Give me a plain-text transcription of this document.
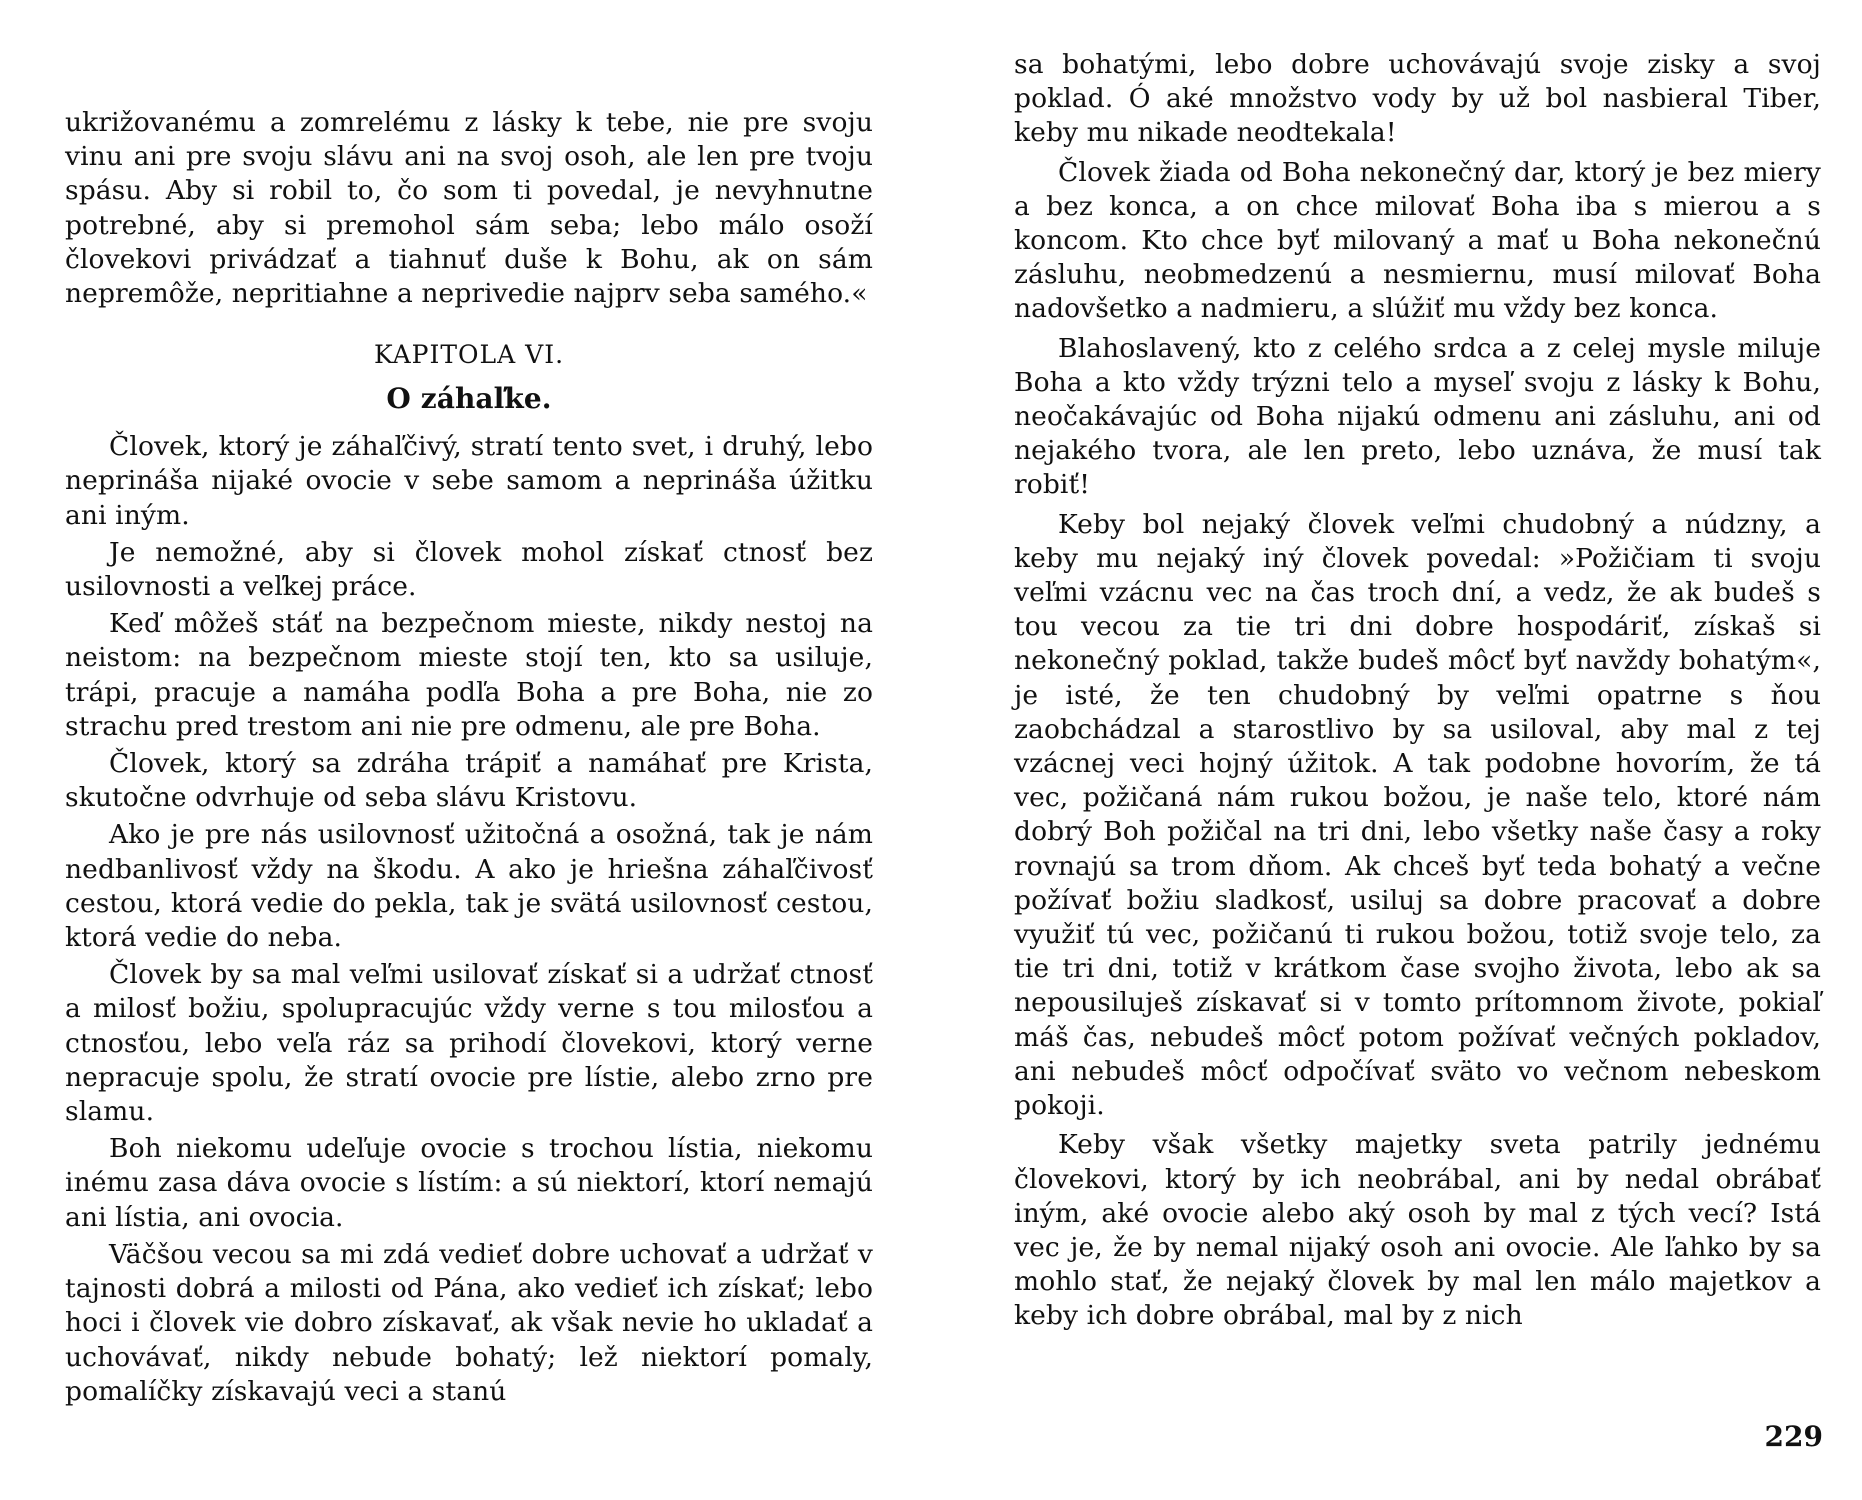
ukrižovanému a zomrelému z lásky k tebe, nie pre svoju vinu ani pre svoju slávu ani na svoj osoh, ale len pre tvoju spásu. Aby si robil to, čo som ti povedal, je nevyhnutne potrebné, aby si premohol sám seba; lebo málo osoží človekovi privádzať a tiahnuť duše k Bohu, ak on sám nepremôže, nepritiahne a neprivedie najprv seba samého.«

KAPITOLA VI.
O záhaľke.

Človek, ktorý je záhaľčivý, stratí tento svet, i druhý, lebo neprináša nijaké ovocie v sebe samom a neprináša úžitku ani iným.

Je nemožné, aby si človek mohol získať ctnosť bez usilovnosti a veľkej práce.

Keď môžeš stáť na bezpečnom mieste, nikdy nestoj na neistom: na bezpečnom mieste stojí ten, kto sa usiluje, trápi, pracuje a namáha podľa Boha a pre Boha, nie zo strachu pred trestom ani nie pre odmenu, ale pre Boha.

Človek, ktorý sa zdráha trápiť a namáhať pre Krista, skutočne odvrhuje od seba slávu Kristovu.

Ako je pre nás usilovnosť užitočná a osožná, tak je nám nedbanlivosť vždy na škodu. A ako je hriešna záhaľčivosť cestou, ktorá vedie do pekla, tak je svätá usilovnosť cestou, ktorá vedie do neba.

Človek by sa mal veľmi usilovať získať si a udržať ctnosť a milosť božiu, spolupracujúc vždy verne s tou milosťou a ctnosťou, lebo veľa ráz sa prihodí človekovi, ktorý verne nepracuje spolu, že stratí ovocie pre lístie, alebo zrno pre slamu.

Boh niekomu udeľuje ovocie s trochou lístia, niekomu inému zasa dáva ovocie s lístím: a sú niektorí, ktorí nemajú ani lístia, ani ovocia.

Väčšou vecou sa mi zdá vedieť dobre uchovať a udržať v tajnosti dobrá a milosti od Pána, ako vedieť ich získať; lebo hoci i človek vie dobro získavať, ak však nevie ho ukladať a uchovávať, nikdy nebude bohatý; lež niektorí pomaly, pomalíčky získavajú veci a stanú

sa bohatými, lebo dobre uchovávajú svoje zisky a svoj poklad. Ó aké množstvo vody by už bol nasbieral Tiber, keby mu nikade neodtekala!

Človek žiada od Boha nekonečný dar, ktorý je bez miery a bez konca, a on chce milovať Boha iba s mierou a s koncom. Kto chce byť milovaný a mať u Boha nekonečnú zásluhu, neobmedzenú a nesmiernu, musí milovať Boha nadovšetko a nadmieru, a slúžiť mu vždy bez konca.

Blahoslavený, kto z celého srdca a z celej mysle miluje Boha a kto vždy trýzni telo a myseľ svoju z lásky k Bohu, neočakávajúc od Boha nijakú odmenu ani zásluhu, ani od nejakého tvora, ale len preto, lebo uznáva, že musí tak robiť!

Keby bol nejaký človek veľmi chudobný a núdzny, a keby mu nejaký iný človek povedal: »Požičiam ti svoju veľmi vzácnu vec na čas troch dní, a vedz, že ak budeš s tou vecou za tie tri dni dobre hospodáriť, získaš si nekonečný poklad, takže budeš môcť byť navždy bohatým«, je isté, že ten chudobný by veľmi opatrne s ňou zaobchádzal a starostlivo by sa usiloval, aby mal z tej vzácnej veci hojný úžitok. A tak podobne hovorím, že tá vec, požičaná nám rukou božou, je naše telo, ktoré nám dobrý Boh požičal na tri dni, lebo všetky naše časy a roky rovnajú sa trom dňom. Ak chceš byť teda bohatý a večne požívať božiu sladkosť, usiluj sa dobre pracovať a dobre využiť tú vec, požičanú ti rukou božou, totiž svoje telo, za tie tri dni, totiž v krátkom čase svojho života, lebo ak sa nepousiluješ získavať si v tomto prítomnom živote, pokiaľ máš čas, nebudeš môcť potom požívať večných pokladov, ani nebudeš môcť odpočívať sväto vo večnom nebeskom pokoji.

Keby však všetky majetky sveta patrily jednému človekovi, ktorý by ich neobrábal, ani by nedal obrábať iným, aké ovocie alebo aký osoh by mal z tých vecí? Istá vec je, že by nemal nijaký osoh ani ovocie. Ale ľahko by sa mohlo stať, že nejaký človek by mal len málo majetkov a keby ich dobre obrábal, mal by z nich

229
